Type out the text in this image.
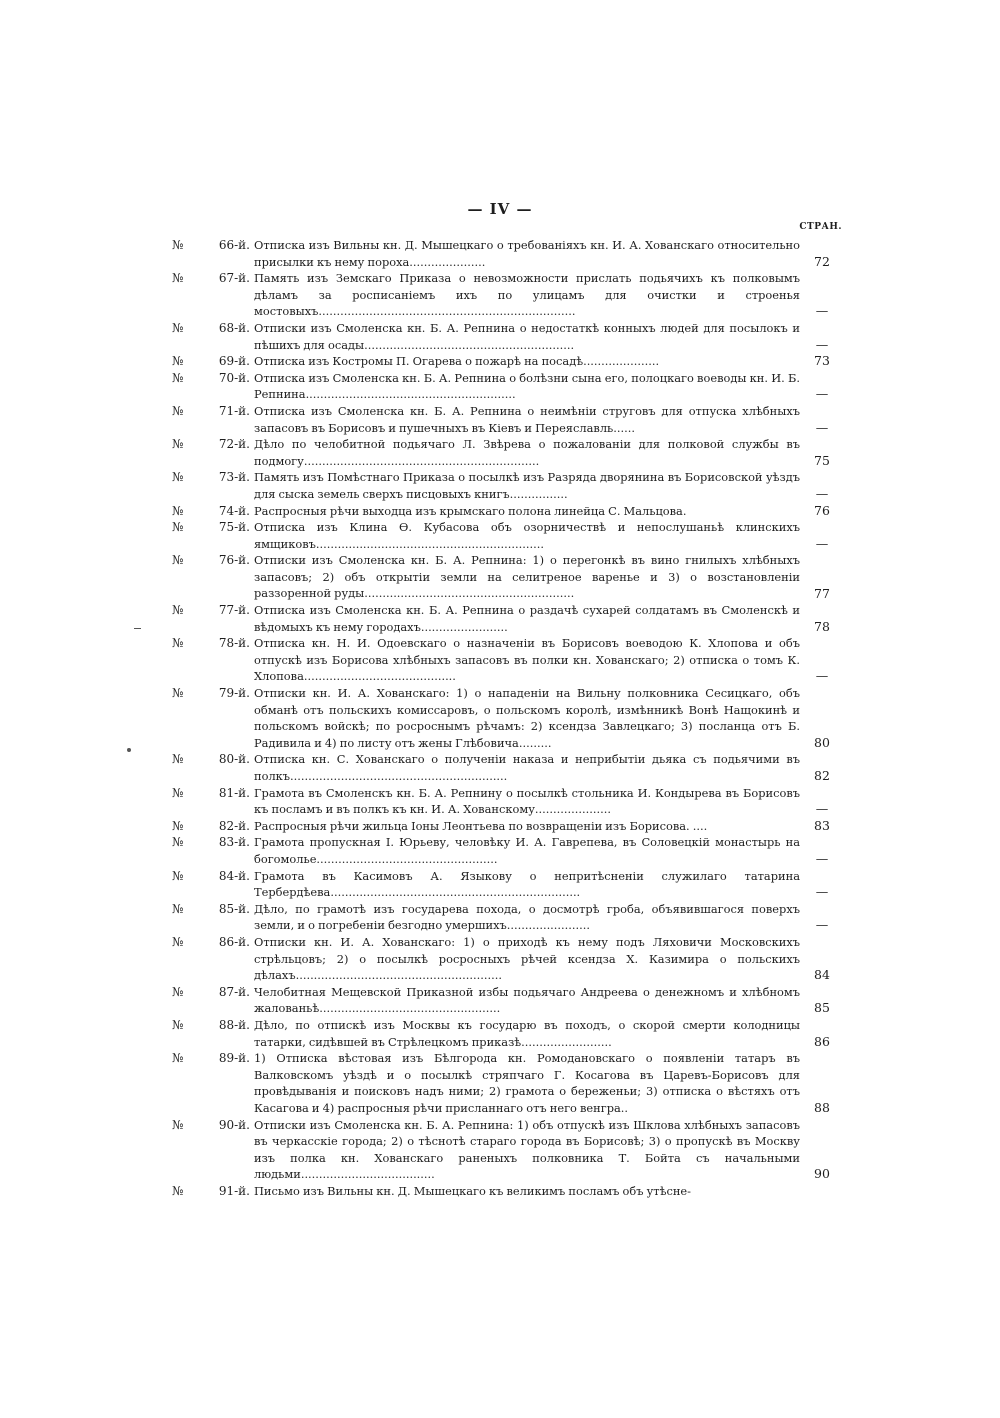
— IV —
СТРАН.
№	66-й. Отписка изъ Вильны кн. Д. Мышецкаго о требованіяхъ кн. И. А. Хованскаго относительно присылки къ нему пороха.....................	72
№	67-й. Память изъ Земскаго Приказа о невозможности прислать подьячихъ къ полковымъ дѣламъ за росписаніемъ ихъ по улицамъ для очистки и строенья мостовыхъ.......................................................................	—
№	68-й. Отписки изъ Смоленска кн. Б. А. Репнина о недостаткѣ конныхъ людей для посылокъ и пѣшихъ для осады..........................................................	—
№	69-й. Отписка изъ Костромы П. Огарева о пожарѣ на посадѣ.....................	73
№	70-й. Отписка изъ Смоленска кн. Б. А. Репнина о болѣзни сына его, полоцкаго воеводы кн. И. Б. Репнина..........................................................	—
№	71-й. Отписка изъ Смоленска кн. Б. А. Репнина о неимѣніи струговъ для отпуска хлѣбныхъ запасовъ въ Борисовъ и пушечныхъ въ Кіевъ и Переяславль......	—
№	72-й. Дѣло по челобитной подьячаго Л. Звѣрева о пожалованіи для полковой службы въ подмогу.................................................................	75
№	73-й. Память изъ Помѣстнаго Приказа о посылкѣ изъ Разряда дворянина въ Борисовской уѣздъ для сыска земель сверхъ писцовыхъ книгъ................	—
№	74-й. Распросныя рѣчи выходца изъ крымскаго полона линейца С. Мальцова.	76
№	75-й. Отписка изъ Клина Ѳ. Кубасова объ озорничествѣ и непослушаньѣ клинскихъ ямщиковъ...............................................................	—
№	76-й. Отписки изъ Смоленска кн. Б. А. Репнина: 1) о перегонкѣ въ вино гнилыхъ хлѣбныхъ запасовъ; 2) объ открытіи земли на селитреное варенье и 3) о возстановленіи раззоренной руды..........................................................	77
№	77-й. Отписка изъ Смоленска кн. Б. А. Репнина о раздачѣ сухарей солдатамъ въ Смоленскѣ и вѣдомыхъ къ нему городахъ........................	78
№	78-й. Отписка кн. Н. И. Одоевскаго о назначеніи въ Борисовъ воеводою К. Хлопова и объ отпускѣ изъ Борисова хлѣбныхъ запасовъ въ полки кн. Хованскаго; 2) отписка о томъ К. Хлопова..........................................	—
№	79-й. Отписки кн. И. А. Хованскаго: 1) о нападеніи на Вильну полковника Сесицкаго, объ обманѣ отъ польскихъ комиссаровъ, о польскомъ королѣ, измѣнникѣ Вонѣ Нащокинѣ и польскомъ войскѣ; по росроснымъ рѣчамъ: 2) ксендза Завлецкаго; 3) посланца отъ Б. Радивила и 4) по листу отъ жены Глѣбовича.........	80
№	80-й. Отписка кн. С. Хованскаго о полученіи наказа и неприбытіи дьяка съ подьячими въ полкъ............................................................	82
№	81-й. Грамота въ Смоленскъ кн. Б. А. Репнину о посылкѣ стольника И. Кондырева въ Борисовъ къ посламъ и въ полкъ къ кн. И. А. Хованскому.....................	—
№	82-й. Распросныя рѣчи жильца Іоны Леонтьева по возвращеніи изъ Борисова. ....	83
№	83-й. Грамота пропускная І. Юрьеву, человѣку И. А. Гаврепева, въ Соловецкій монастырь на богомолье..................................................	—
№	84-й. Грамота въ Касимовъ А. Языкову о непритѣсненіи служилаго татарина Тербердѣева.....................................................................	—
№	85-й. Дѣло, по грамотѣ изъ государева похода, о досмотрѣ гроба, объявившагося поверхъ земли, и о погребеніи безгодно умершихъ.......................	—
№	86-й. Отписки кн. И. А. Хованскаго: 1) о приходѣ къ нему подъ Ляховичи Московскихъ стрѣльцовъ; 2) о посылкѣ росросныхъ рѣчей ксендза Х. Казимира о польскихъ дѣлахъ.........................................................	84
№	87-й. Челобитная Мещевской Приказной избы подьячаго Андреева о денежномъ и хлѣбномъ жалованьѣ..................................................	85
№	88-й. Дѣло, по отпискѣ изъ Москвы къ государю въ походъ, о скорой смерти колодницы татарки, сидѣвшей въ Стрѣлецкомъ приказѣ.........................	86
№	89-й. 1) Отписка вѣстовая изъ Бѣлгорода кн. Ромодановскаго о появленіи татаръ въ Валковскомъ уѣздѣ и о посылкѣ стряпчаго Г. Косагова въ Царевъ-Борисовъ для провѣдыванія и поисковъ надъ ними; 2) грамота о береженьи; 3) отписка о вѣстяхъ отъ Касагова и 4) распросныя рѣчи присланнаго отъ него венгра..	88
№	90-й. Отписки изъ Смоленска кн. Б. А. Репнина: 1) объ отпускѣ изъ Шклова хлѣбныхъ запасовъ въ черкасскіе города; 2) о тѣснотѣ стараго города въ Борисовѣ; 3) о пропускѣ въ Москву изъ полка кн. Хованскаго раненыхъ полковника Т. Бойта съ начальными людьми.....................................	90
№	91-й. Письмо изъ Вильны кн. Д. Мышецкаго къ великимъ посламъ объ утѣсне-
